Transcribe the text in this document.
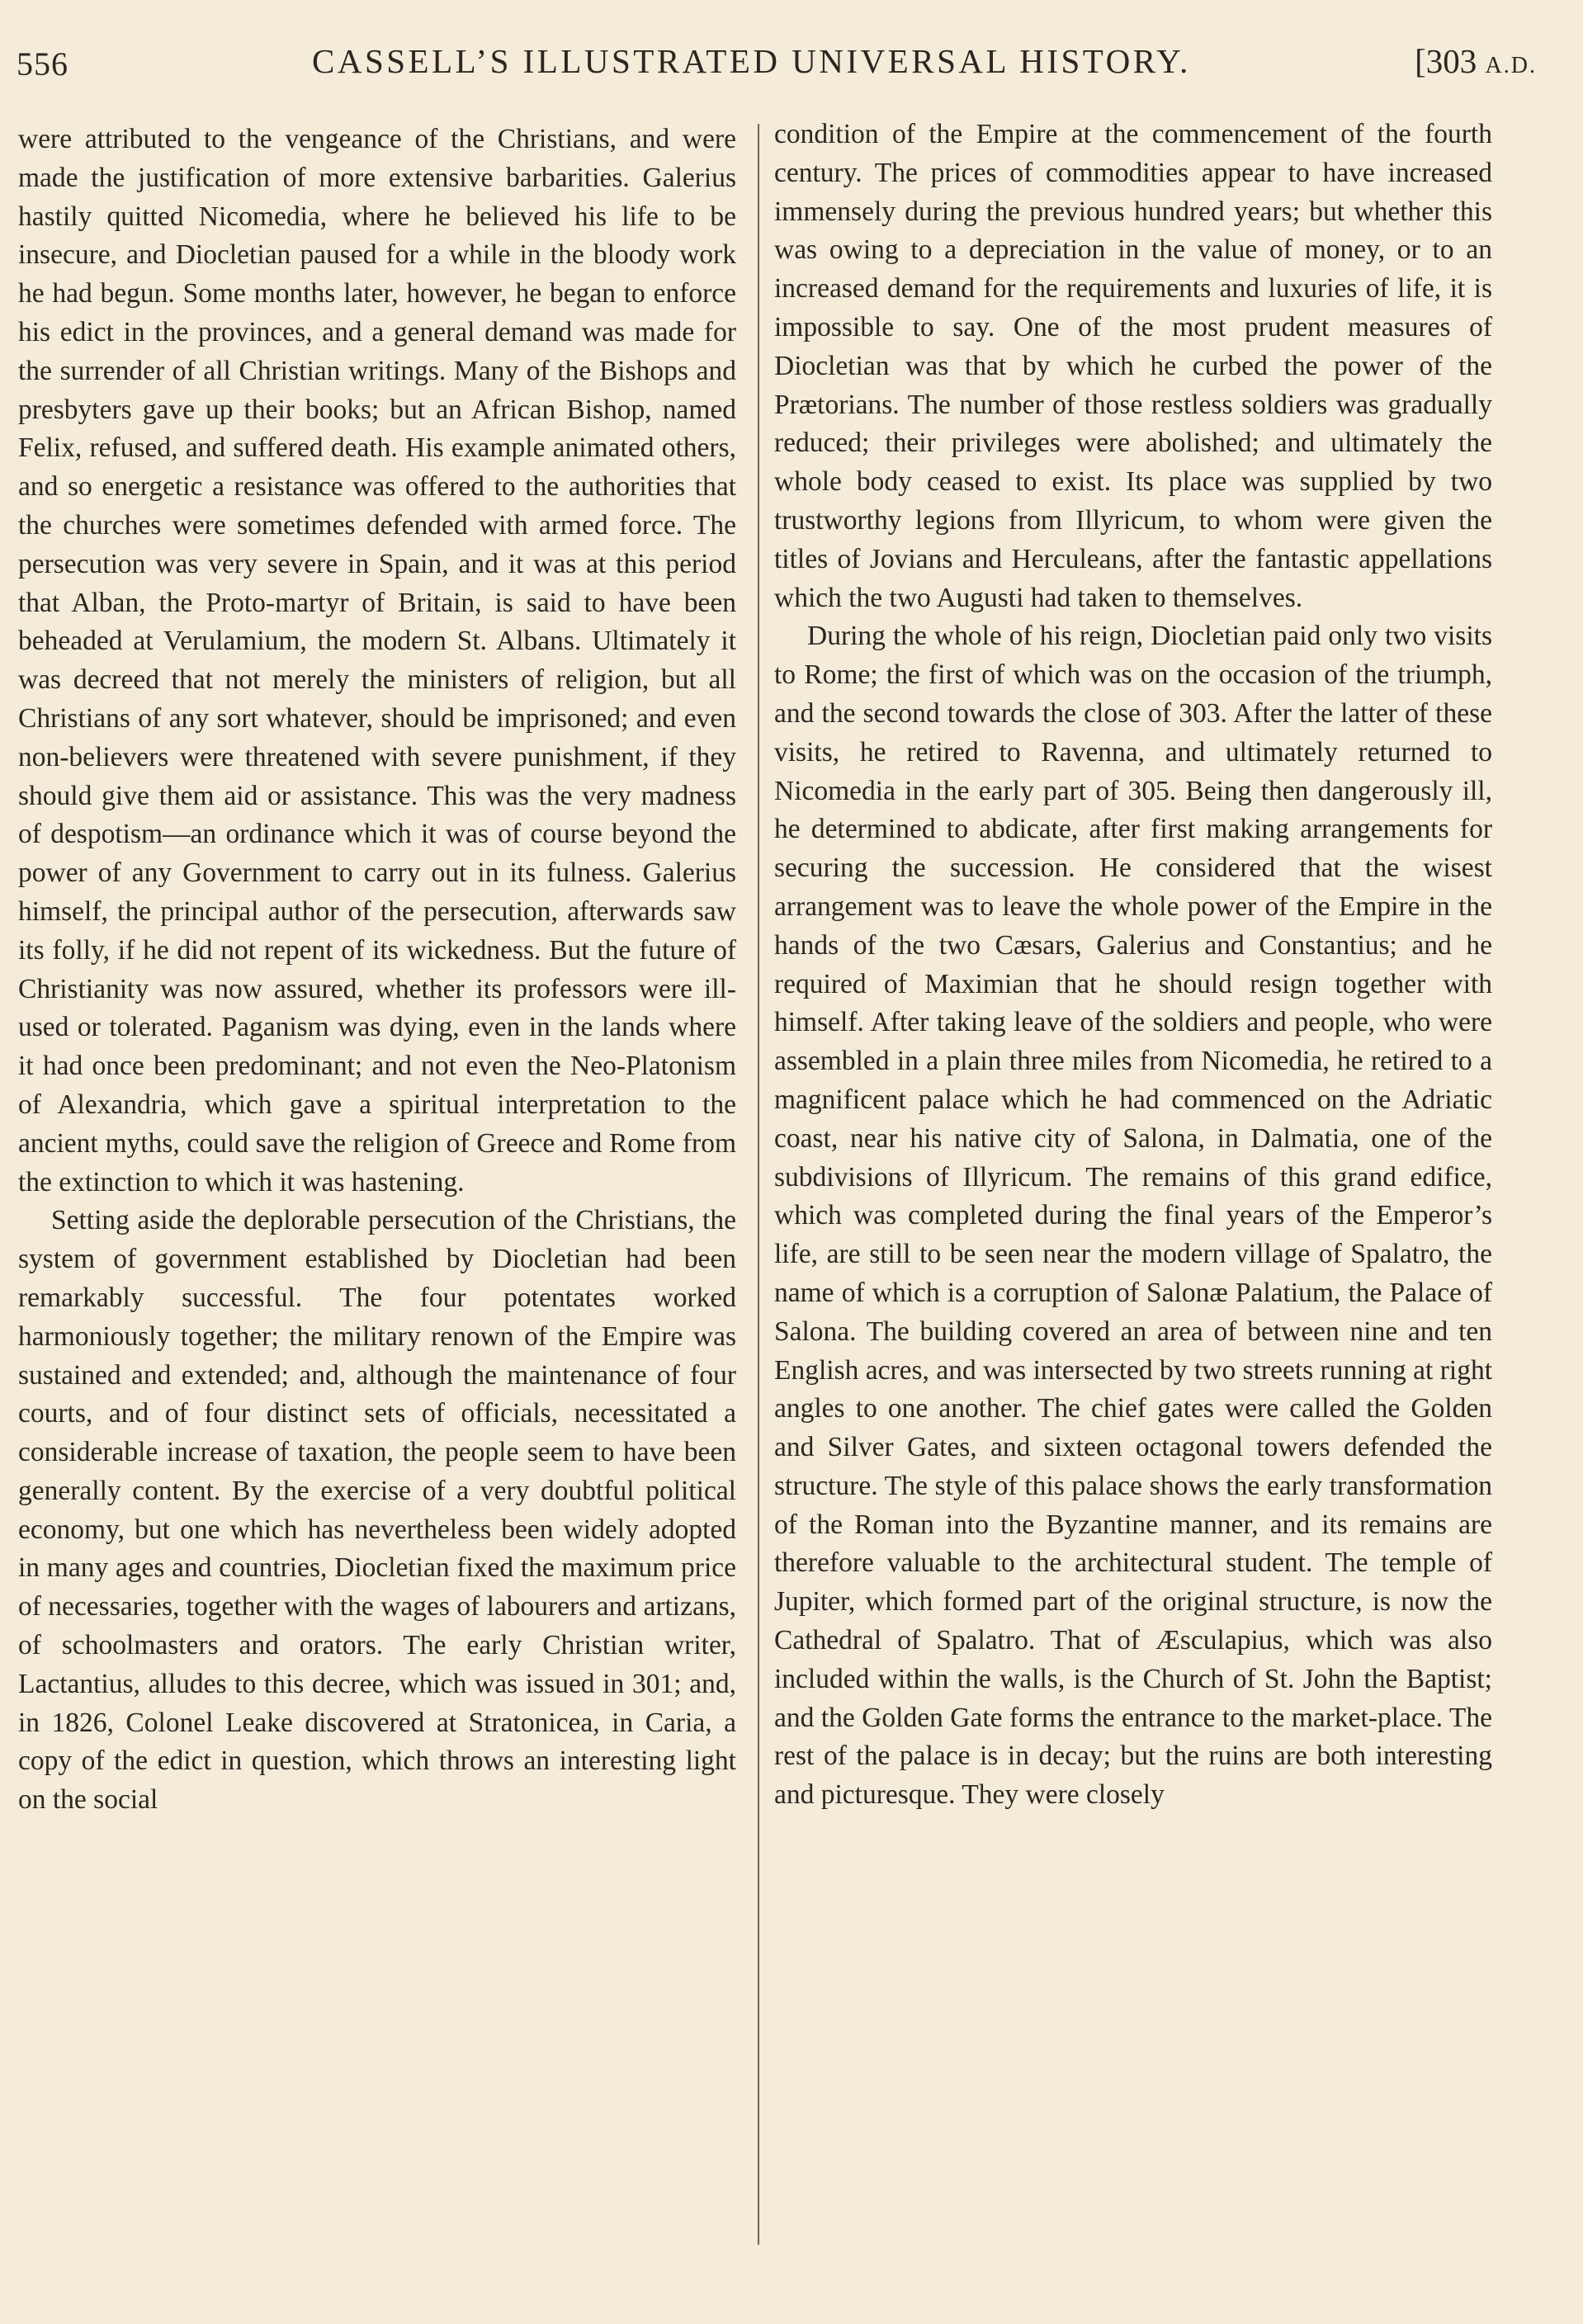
556	CASSELL’S ILLUSTRATED UNIVERSAL HISTORY.	[303 A.D.

were attributed to the vengeance of the Christians, and were made the justification of more extensive barbarities. Galerius hastily quitted Nicomedia, where he believed his life to be insecure, and Diocletian paused for a while in the bloody work he had begun. Some months later, however, he began to enforce his edict in the provinces, and a general demand was made for the surrender of all Christian writings. Many of the Bishops and presbyters gave up their books; but an African Bishop, named Felix, refused, and suffered death. His example animated others, and so energetic a resistance was offered to the authorities that the churches were sometimes defended with armed force. The persecution was very severe in Spain, and it was at this period that Alban, the Proto-martyr of Britain, is said to have been beheaded at Verulamium, the modern St. Albans. Ultimately it was decreed that not merely the ministers of religion, but all Christians of any sort whatever, should be imprisoned; and even non-believers were threatened with severe punishment, if they should give them aid or assistance. This was the very madness of despotism—an ordinance which it was of course beyond the power of any Government to carry out in its fulness. Galerius himself, the principal author of the persecution, afterwards saw its folly, if he did not repent of its wickedness. But the future of Christianity was now assured, whether its professors were ill-used or tolerated. Paganism was dying, even in the lands where it had once been predominant; and not even the Neo-Platonism of Alexandria, which gave a spiritual interpretation to the ancient myths, could save the religion of Greece and Rome from the extinction to which it was hastening.

Setting aside the deplorable persecution of the Christians, the system of government established by Diocletian had been remarkably successful. The four potentates worked harmoniously together; the military renown of the Empire was sustained and extended; and, although the maintenance of four courts, and of four distinct sets of officials, necessitated a considerable increase of taxation, the people seem to have been generally content. By the exercise of a very doubtful political economy, but one which has nevertheless been widely adopted in many ages and countries, Diocletian fixed the maximum price of necessaries, together with the wages of labourers and artizans, of schoolmasters and orators. The early Christian writer, Lactantius, alludes to this decree, which was issued in 301; and, in 1826, Colonel Leake discovered at Stratonicea, in Caria, a copy of the edict in question, which throws an interesting light on the social

condition of the Empire at the commencement of the fourth century. The prices of commodities appear to have increased immensely during the previous hundred years; but whether this was owing to a depreciation in the value of money, or to an increased demand for the requirements and luxuries of life, it is impossible to say. One of the most prudent measures of Diocletian was that by which he curbed the power of the Prætorians. The number of those restless soldiers was gradually reduced; their privileges were abolished; and ultimately the whole body ceased to exist. Its place was supplied by two trustworthy legions from Illyricum, to whom were given the titles of Jovians and Herculeans, after the fantastic appellations which the two Augusti had taken to themselves.

During the whole of his reign, Diocletian paid only two visits to Rome; the first of which was on the occasion of the triumph, and the second towards the close of 303. After the latter of these visits, he retired to Ravenna, and ultimately returned to Nicomedia in the early part of 305. Being then dangerously ill, he determined to abdicate, after first making arrangements for securing the succession. He considered that the wisest arrangement was to leave the whole power of the Empire in the hands of the two Cæsars, Galerius and Constantius; and he required of Maximian that he should resign together with himself. After taking leave of the soldiers and people, who were assembled in a plain three miles from Nicomedia, he retired to a magnificent palace which he had commenced on the Adriatic coast, near his native city of Salona, in Dalmatia, one of the subdivisions of Illyricum. The remains of this grand edifice, which was completed during the final years of the Emperor’s life, are still to be seen near the modern village of Spalatro, the name of which is a corruption of Salonæ Palatium, the Palace of Salona. The building covered an area of between nine and ten English acres, and was intersected by two streets running at right angles to one another. The chief gates were called the Golden and Silver Gates, and sixteen octagonal towers defended the structure. The style of this palace shows the early transformation of the Roman into the Byzantine manner, and its remains are therefore valuable to the architectural student. The temple of Jupiter, which formed part of the original structure, is now the Cathedral of Spalatro. That of Æsculapius, which was also included within the walls, is the Church of St. John the Baptist; and the Golden Gate forms the entrance to the market-place. The rest of the palace is in decay; but the ruins are both interesting and picturesque. They were closely
